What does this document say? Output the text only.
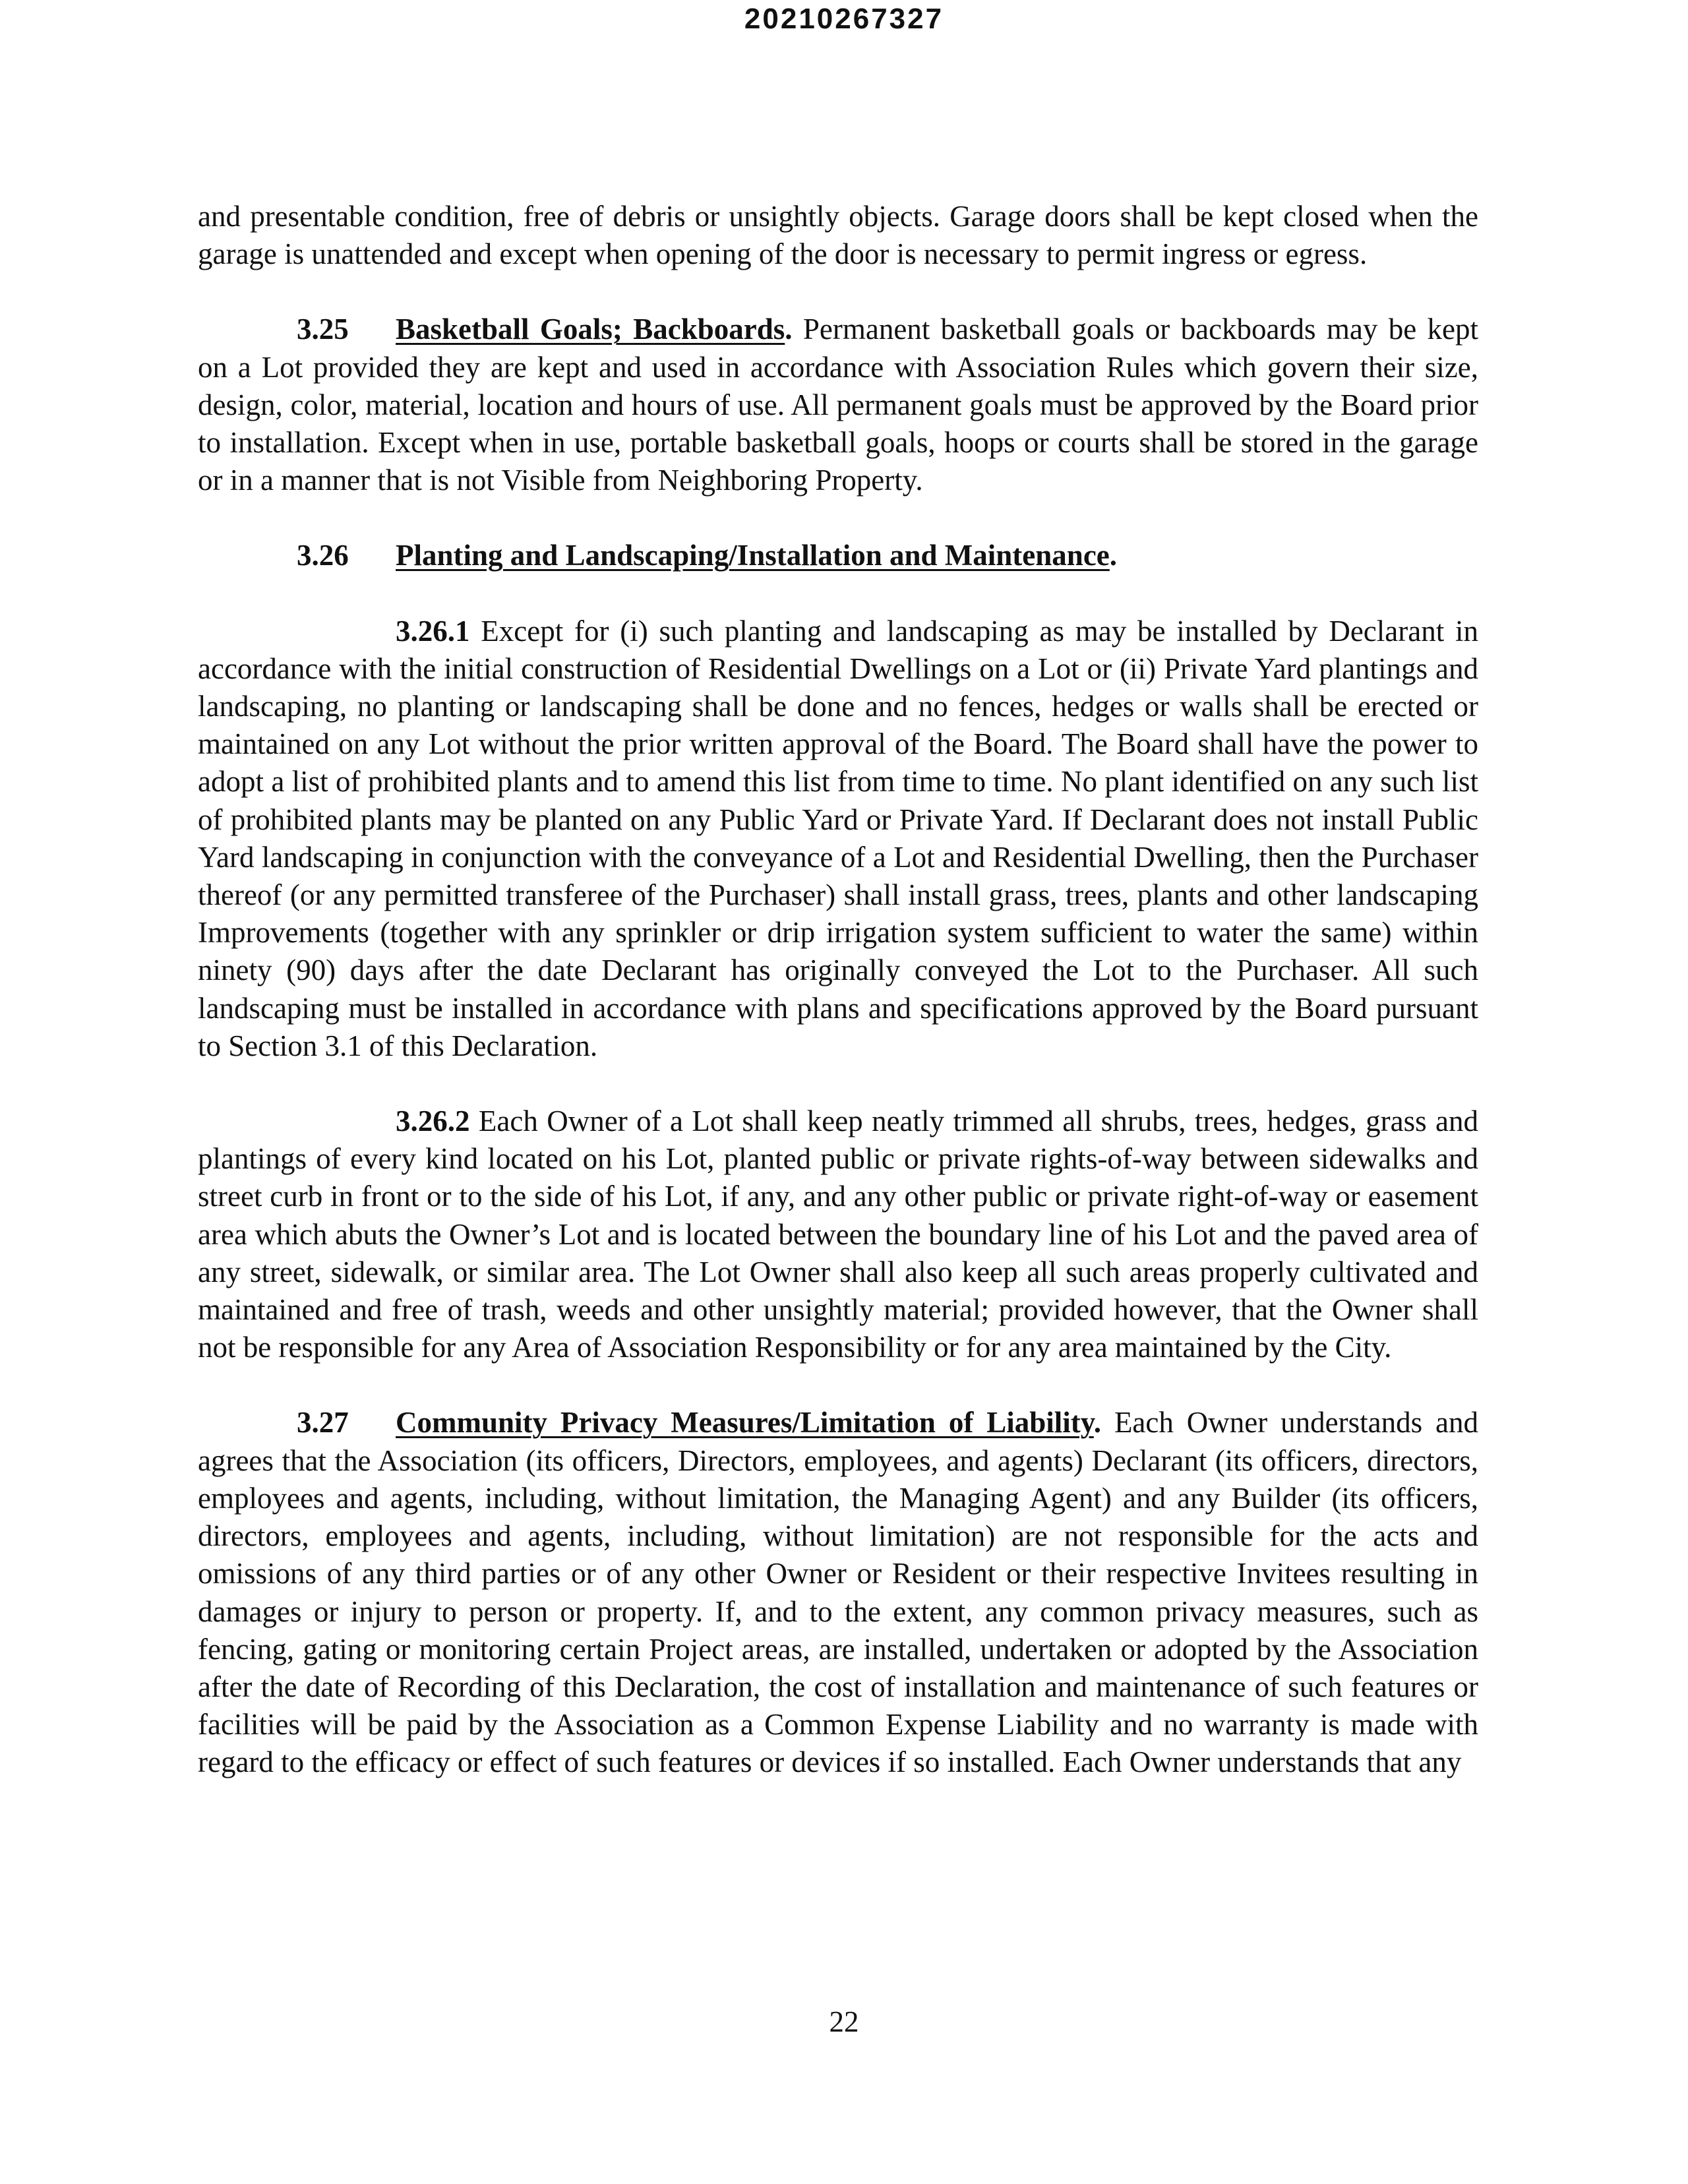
20210267327

and presentable condition, free of debris or unsightly objects. Garage doors shall be kept closed when the garage is unattended and except when opening of the door is necessary to permit ingress or egress.

3.25 Basketball Goals; Backboards. Permanent basketball goals or backboards may be kept on a Lot provided they are kept and used in accordance with Association Rules which govern their size, design, color, material, location and hours of use. All permanent goals must be approved by the Board prior to installation. Except when in use, portable basketball goals, hoops or courts shall be stored in the garage or in a manner that is not Visible from Neighboring Property.

3.26 Planting and Landscaping/Installation and Maintenance.

3.26.1 Except for (i) such planting and landscaping as may be installed by Declarant in accordance with the initial construction of Residential Dwellings on a Lot or (ii) Private Yard plantings and landscaping, no planting or landscaping shall be done and no fences, hedges or walls shall be erected or maintained on any Lot without the prior written approval of the Board. The Board shall have the power to adopt a list of prohibited plants and to amend this list from time to time. No plant identified on any such list of prohibited plants may be planted on any Public Yard or Private Yard. If Declarant does not install Public Yard landscaping in conjunction with the conveyance of a Lot and Residential Dwelling, then the Purchaser thereof (or any permitted transferee of the Purchaser) shall install grass, trees, plants and other landscaping Improvements (together with any sprinkler or drip irrigation system sufficient to water the same) within ninety (90) days after the date Declarant has originally conveyed the Lot to the Purchaser. All such landscaping must be installed in accordance with plans and specifications approved by the Board pursuant to Section 3.1 of this Declaration.

3.26.2 Each Owner of a Lot shall keep neatly trimmed all shrubs, trees, hedges, grass and plantings of every kind located on his Lot, planted public or private rights-of-way between sidewalks and street curb in front or to the side of his Lot, if any, and any other public or private right-of-way or easement area which abuts the Owner’s Lot and is located between the boundary line of his Lot and the paved area of any street, sidewalk, or similar area. The Lot Owner shall also keep all such areas properly cultivated and maintained and free of trash, weeds and other unsightly material; provided however, that the Owner shall not be responsible for any Area of Association Responsibility or for any area maintained by the City.

3.27 Community Privacy Measures/Limitation of Liability. Each Owner understands and agrees that the Association (its officers, Directors, employees, and agents) Declarant (its officers, directors, employees and agents, including, without limitation, the Managing Agent) and any Builder (its officers, directors, employees and agents, including, without limitation) are not responsible for the acts and omissions of any third parties or of any other Owner or Resident or their respective Invitees resulting in damages or injury to person or property. If, and to the extent, any common privacy measures, such as fencing, gating or monitoring certain Project areas, are installed, undertaken or adopted by the Association after the date of Recording of this Declaration, the cost of installation and maintenance of such features or facilities will be paid by the Association as a Common Expense Liability and no warranty is made with regard to the efficacy or effect of such features or devices if so installed. Each Owner understands that any

22
